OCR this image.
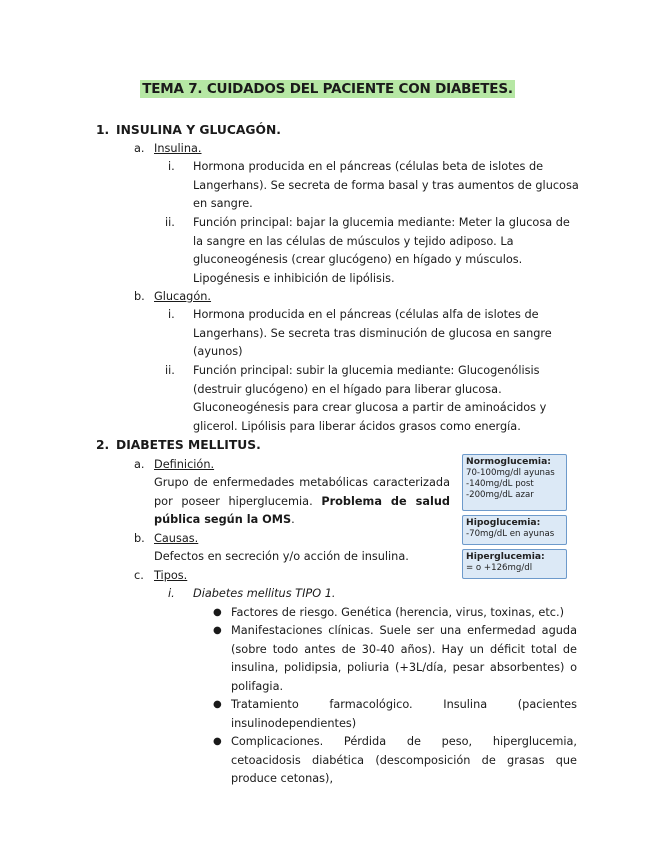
TEMA 7. CUIDADOS DEL PACIENTE CON DIABETES.
1. INSULINA Y GLUCAGÓN.
a. Insulina.
i. Hormona producida en el páncreas (células beta de islotes de Langerhans). Se secreta de forma basal y tras aumentos de glucosa en sangre.
ii. Función principal: bajar la glucemia mediante: Meter la glucosa de la sangre en las células de músculos y tejido adiposo. La gluconeogénesis (crear glucógeno) en hígado y músculos. Lipogénesis e inhibición de lipólisis.
b. Glucagón.
i. Hormona producida en el páncreas (células alfa de islotes de Langerhans). Se secreta tras disminución de glucosa en sangre (ayunos)
ii. Función principal: subir la glucemia mediante: Glucogenólisis (destruir glucógeno) en el hígado para liberar glucosa. Gluconeogénesis para crear glucosa a partir de aminoácidos y glicerol. Lipólisis para liberar ácidos grasos como energía.
2. DIABETES MELLITUS.
a. Definición.
Grupo de enfermedades metabólicas caracterizada por poseer hiperglucemia. Problema de salud pública según la OMS.
b. Causas.
Defectos en secreción y/o acción de insulina.
c. Tipos.
i. Diabetes mellitus TIPO 1.
● Factores de riesgo. Genética (herencia, virus, toxinas, etc.)
● Manifestaciones clínicas. Suele ser una enfermedad aguda (sobre todo antes de 30-40 años). Hay un déficit total de insulina, polidipsia, poliuria (+3L/día, pesar absorbentes) o polifagia.
● Tratamiento farmacológico. Insulina (pacientes insulinodependientes)
● Complicaciones. Pérdida de peso, hiperglucemia, cetoacidosis diabética (descomposición de grasas que produce cetonas),
Normoglucemia:
70-100mg/dl ayunas
-140mg/dL post
-200mg/dL azar
Hipoglucemia:
-70mg/dL en ayunas
Hiperglucemia:
= o +126mg/dl
